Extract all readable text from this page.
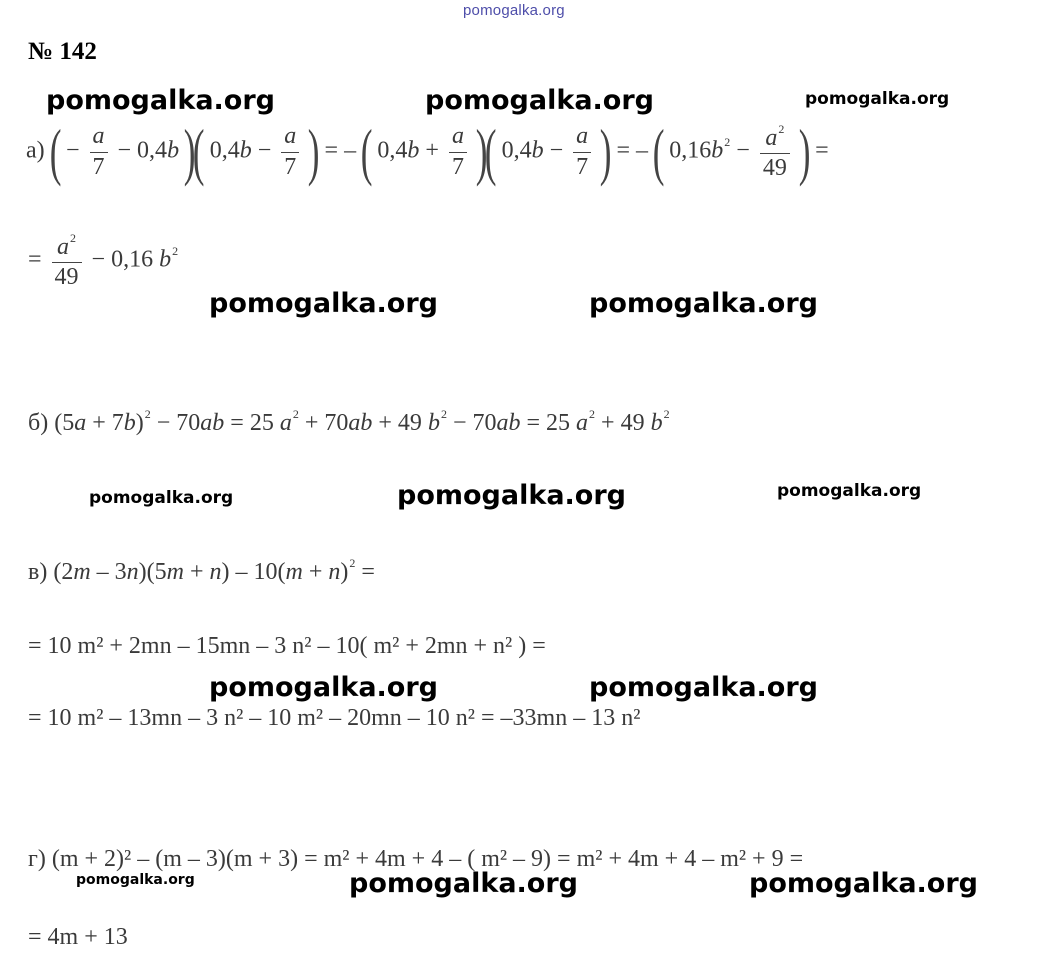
pomogalka.org
№ 142
pomogalka.org	pomogalka.org	pomogalka.org
pomogalka.org	pomogalka.org
pomogalka.org	pomogalka.org	pomogalka.org
pomogalka.org	pomogalka.org
pomogalka.org	pomogalka.org	pomogalka.org
а) ( − $\frac{a}{7} - 0,4b$ )( $0,4b - \frac{a}{7}$ ) = – ( $0,4b + \frac{a}{7}$ )( $0,4b - \frac{a}{7}$ ) = – ( $0,16b^2 - \frac{a^2}{49}$ ) =
= $\frac{a^2}{49} - 0,16$ $b^2$
б) $(5a + 7b)^2 - 70ab = 25$ $a^2 + 70ab + 49$ $b^2 - 70ab = 25$ $a^2 + 49$ $b^2$
в) $(2m - 3n)(5m + n) - 10(m + n)^2$ =
= 10 m² + 2mn – 15mn – 3 n² – 10( m² + 2mn + n² ) =
= 10 m² – 13mn – 3 n² – 10 m² – 20mn – 10 n² = –33mn – 13 n²
г) (m + 2)² – (m – 3)(m + 3) = m² + 4m + 4 – ( m² – 9) = m² + 4m + 4 – m² + 9 =
= 4m + 13
